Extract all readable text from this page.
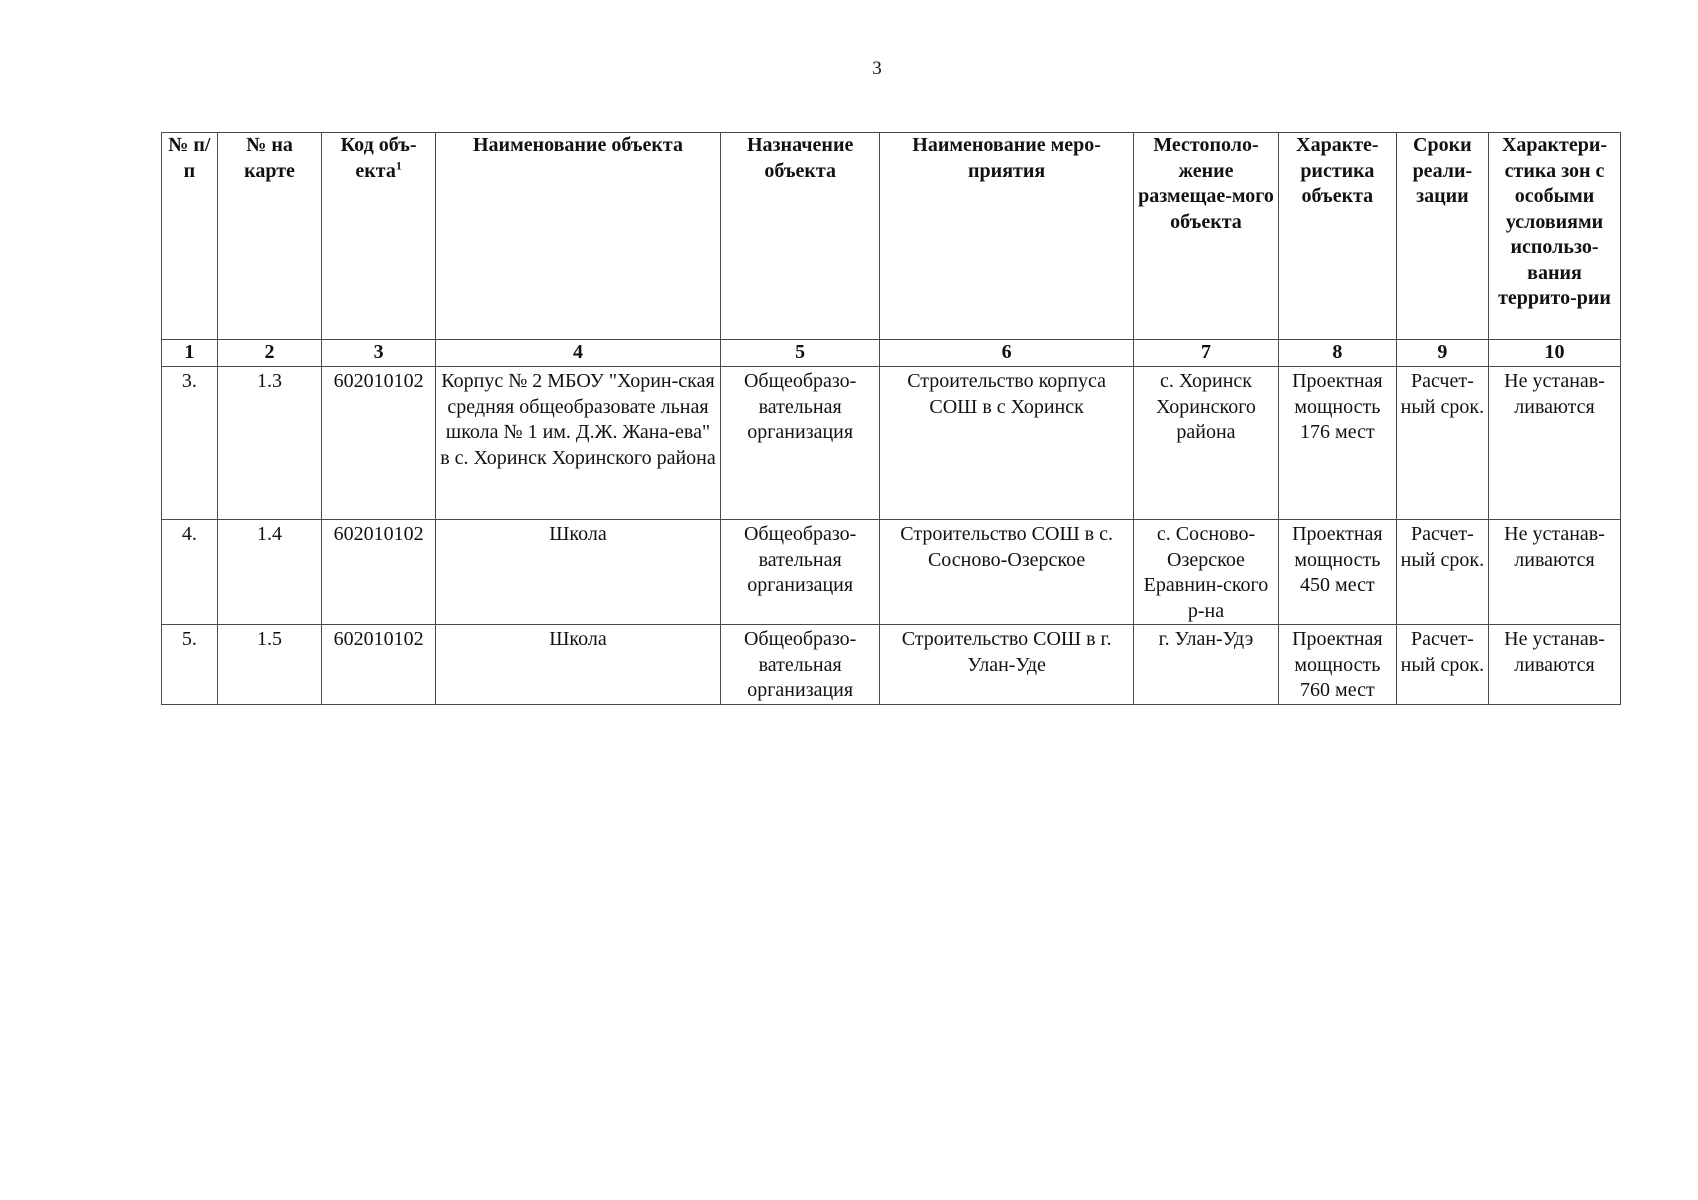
3
№ п/п	№ на карте	Код объ-екта$^1$	Наименование объекта	Назначение объекта	Наименование меро-приятия	Местополо-жение размещае-мого объекта	Характе-ристика объекта	Сроки реали-зации	Характери-стика зон с особыми условиями использо-вания террито-рии
1	2	3	4	5	6	7	8	9	10
3.	1.3	602010102	Корпус № 2 МБОУ "Хорин-ская средняя общеобразовате льная школа № 1 им. Д.Ж. Жана-ева" в с. Хоринск Хоринского района	Общеобразо-вательная организация	Строительство корпуса СОШ в с Хоринск	с. Хоринск Хоринского района	Проектная мощность 176 мест	Расчет-ный срок.	Не устанав-ливаются
4.	1.4	602010102	Школа	Общеобразо-вательная организация	Строительство СОШ в с. Сосново-Озерское	с. Сосново-Озерское Еравнин-ского р-на	Проектная мощность 450 мест	Расчет-ный срок.	Не устанав-ливаются
5.	1.5	602010102	Школа	Общеобразо-вательная организация	Строительство СОШ в г. Улан-Уде	г. Улан-Удэ	Проектная мощность 760 мест	Расчет-ный срок.	Не устанав-ливаются
